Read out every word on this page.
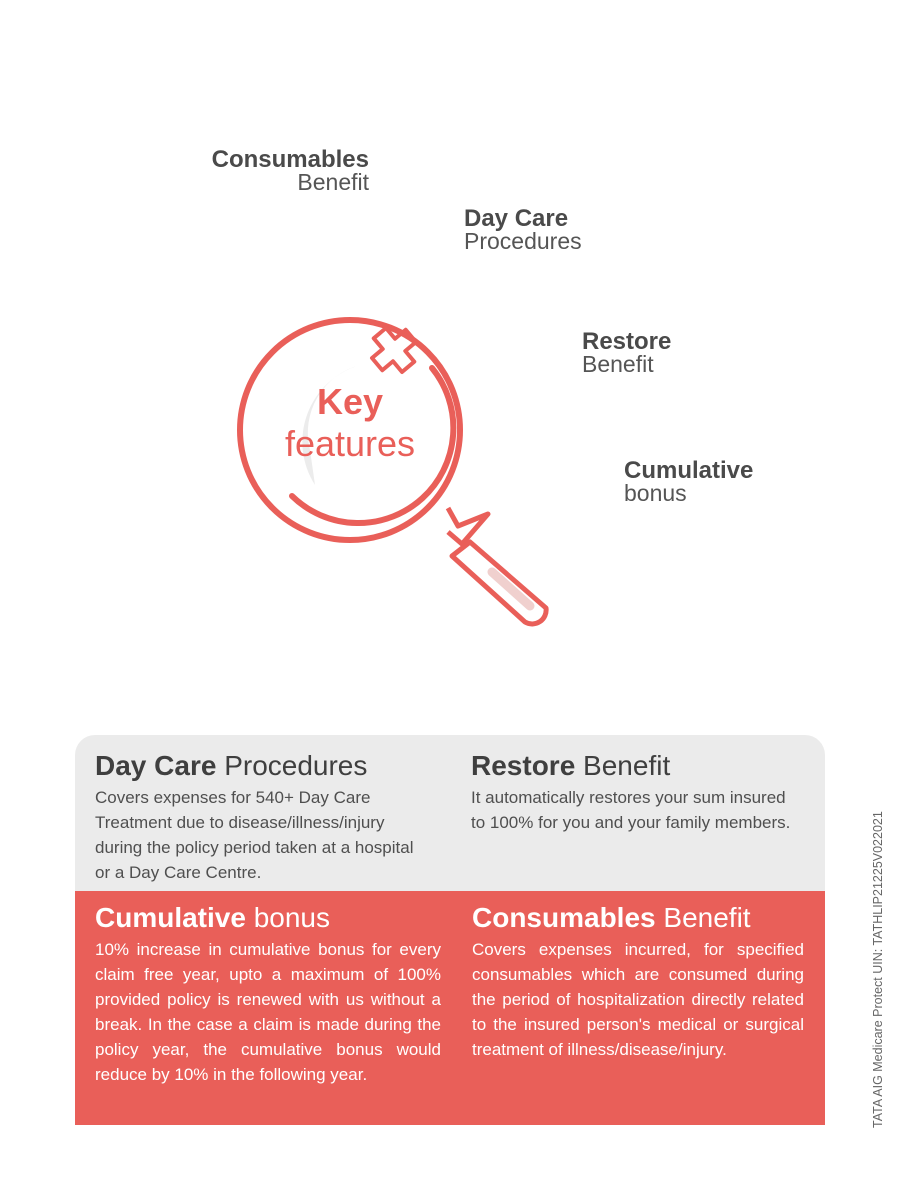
Consumables
Benefit
Day Care
Procedures
Restore
Benefit
Cumulative
bonus
Key
features
Day Care Procedures

Covers expenses for 540+ Day Care Treatment due to disease/illness/injury during the policy period taken at a hospital or a Day Care Centre.

Restore Benefit

It automatically restores your sum insured to 100% for you and your family members.

Cumulative bonus

10% increase in cumulative bonus for every claim free year, upto a maximum of 100% provided policy is renewed with us without a break. In the case a claim is made during the policy year, the cumulative bonus would reduce by 10% in the following year.

Consumables Benefit

Covers expenses incurred, for specified consumables which are consumed during the period of hospitalization directly related to the insured person's medical or surgical treatment of illness/disease/injury.	TATA AIG Medicare Protect UIN: TATHLIP21225V022021
